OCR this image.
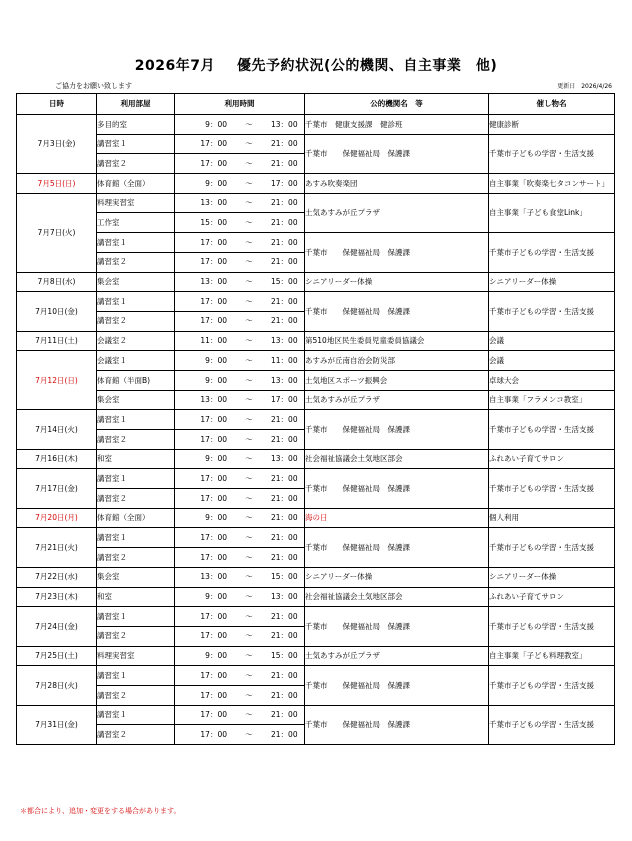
2026年7月 優先予約状況(公的機関、自主事業　他)
ご協力をお願い致します	更新日　2026/4/26
日時	利用部屋	利用時間	公的機関名　等	催し物名
7月3日(金)	多目的室	9：00 ～ 13：00	千葉市　健康支援課　健診班	健康診断
	講習室１	17：00 ～ 21：00	千葉市　　保健福祉局　保護課	千葉市子どもの学習・生活支援
	講習室２	17：00 ～ 21：00		

7月5日(日)	体育館（全面）	9：00 ～ 17：00	あすみ吹奏楽団	自主事業「吹奏楽七タコンサート」
7月7日(火)	料理実習室	13：00 ～ 21：00	土気あすみが丘プラザ	自主事業「子ども食堂Link」
	工作室	15：00 ～ 21：00		

	講習室１	17：00 ～ 21：00	千葉市　　保健福祉局　保護課	千葉市子どもの学習・生活支援
	講習室２	17：00 ～ 21：00		

7月8日(水)	集会室	13：00 ～ 15：00	シニアリーダー体操	シニアリーダー体操
7月10日(金)	講習室１	17：00 ～ 21：00	千葉市　　保健福祉局　保護課	千葉市子どもの学習・生活支援
	講習室２	17：00 ～ 21：00		

7月11日(土)	会議室２	11：00 ～ 13：00	第510地区民生委員児童委員協議会	会議
7月12日(日)	会議室１	9：00 ～ 11：00	あすみが丘南自治会防災部	会議
	体育館（半面B)	9：00 ～ 13：00	土気地区スポーツ振興会	卓球大会
	集会室	13：00 ～ 17：00	土気あすみが丘プラザ	自主事業「フラメンコ教室」
7月14日(火)	講習室１	17：00 ～ 21：00	千葉市　　保健福祉局　保護課	千葉市子どもの学習・生活支援
	講習室２	17：00 ～ 21：00		

7月16日(木)	和室	9：00 ～ 13：00	社会福祉協議会土気地区部会	ふれあい子育てサロン
7月17日(金)	講習室１	17：00 ～ 21：00	千葉市　　保健福祉局　保護課	千葉市子どもの学習・生活支援
	講習室２	17：00 ～ 21：00		

7月20日(月)	体育館（全面）	9：00 ～ 21：00	海の日	個人利用
7月21日(火)	講習室１	17：00 ～ 21：00	千葉市　　保健福祉局　保護課	千葉市子どもの学習・生活支援
	講習室２	17：00 ～ 21：00		

7月22日(水)	集会室	13：00 ～ 15：00	シニアリーダー体操	シニアリーダー体操
7月23日(木)	和室	9：00 ～ 13：00	社会福祉協議会土気地区部会	ふれあい子育てサロン
7月24日(金)	講習室１	17：00 ～ 21：00	千葉市　　保健福祉局　保護課	千葉市子どもの学習・生活支援
	講習室２	17：00 ～ 21：00		

7月25日(土)	料理実習室	9：00 ～ 15：00	土気あすみが丘プラザ	自主事業「子ども料理教室」
7月28日(火)	講習室１	17：00 ～ 21：00	千葉市　　保健福祉局　保護課	千葉市子どもの学習・生活支援
	講習室２	17：00 ～ 21：00		

7月31日(金)	講習室１	17：00 ～ 21：00	千葉市　　保健福祉局　保護課	千葉市子どもの学習・生活支援
	講習室２	17：00 ～ 21：00		
＊都合により、追加・変更をする場合があります。
